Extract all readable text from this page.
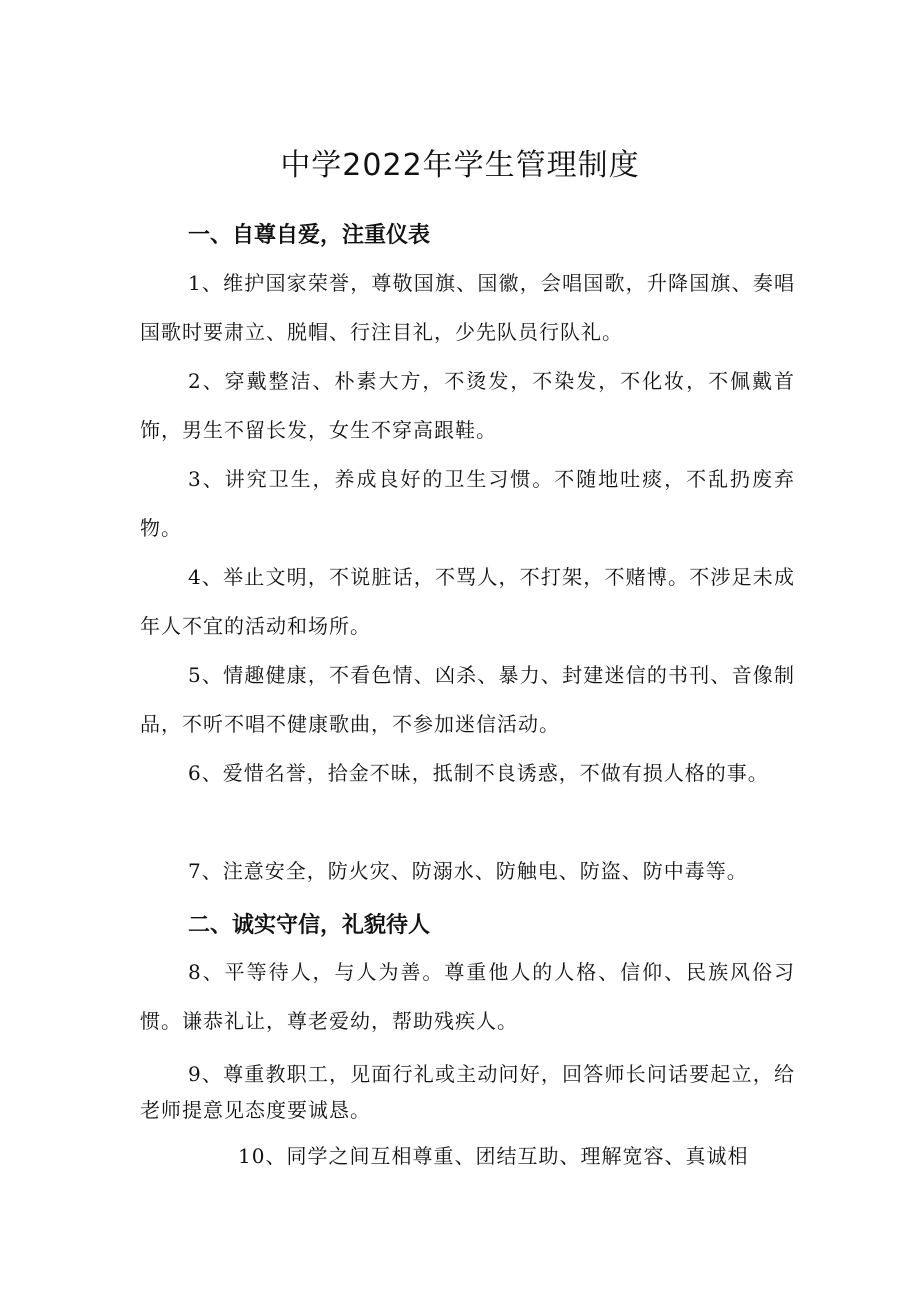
中学2022年学生管理制度
一、自尊自爱，注重仪表
1、维护国家荣誉，尊敬国旗、国徽，会唱国歌，升降国旗、奏唱国歌时要肃立、脱帽、行注目礼，少先队员行队礼。
2、穿戴整洁、朴素大方，不烫发，不染发，不化妆，不佩戴首饰，男生不留长发，女生不穿高跟鞋。
3、讲究卫生，养成良好的卫生习惯。不随地吐痰，不乱扔废弃物。
4、举止文明，不说脏话，不骂人，不打架，不赌博。不涉足未成年人不宜的活动和场所。
5、情趣健康，不看色情、凶杀、暴力、封建迷信的书刊、音像制品，不听不唱不健康歌曲，不参加迷信活动。
6、爱惜名誉，拾金不昧，抵制不良诱惑，不做有损人格的事。
7、注意安全，防火灾、防溺水、防触电、防盗、防中毒等。
二、诚实守信，礼貌待人
8、平等待人，与人为善。尊重他人的人格、信仰、民族风俗习惯。谦恭礼让，尊老爱幼，帮助残疾人。
9、尊重教职工，见面行礼或主动问好，回答师长问话要起立，给老师提意见态度要诚恳。
10、同学之间互相尊重、团结互助、理解宽容、真诚相
